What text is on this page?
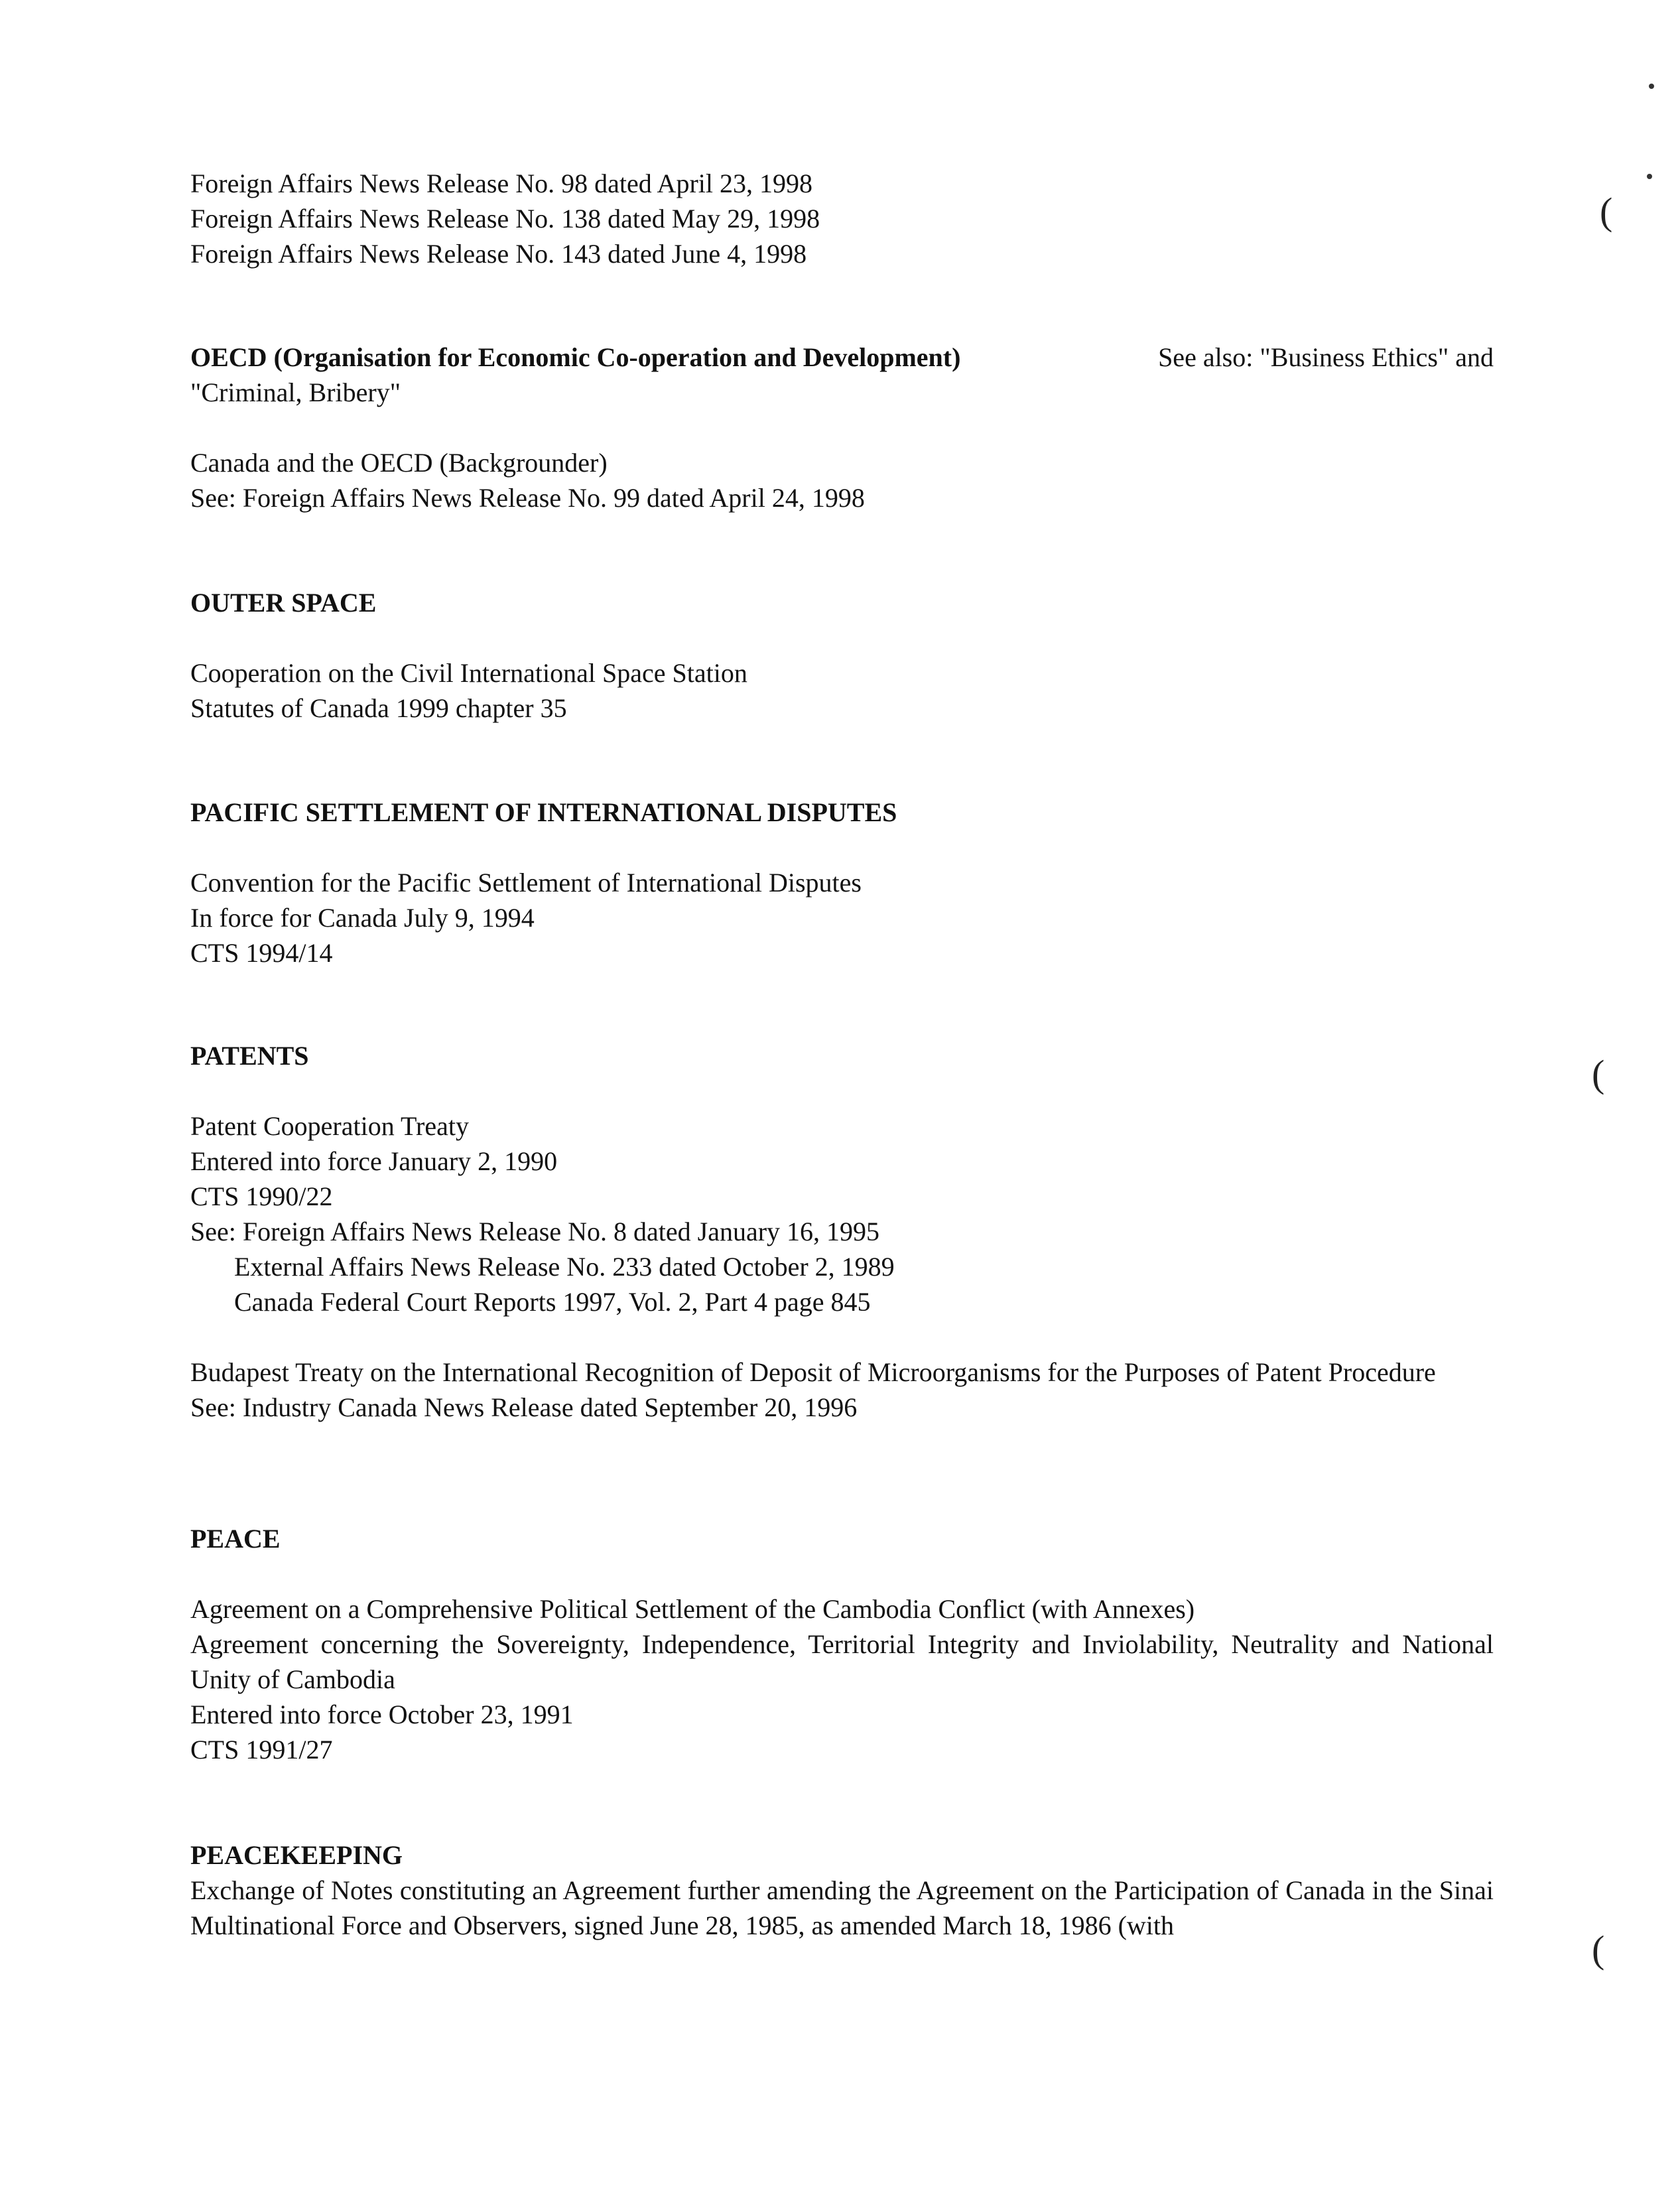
Foreign Affairs News Release No. 98 dated April 23, 1998
Foreign Affairs News Release No. 138 dated May 29, 1998
Foreign Affairs News Release No. 143 dated June 4, 1998
OECD (Organisation for Economic Co-operation and Development)	See also: "Business Ethics" and
"Criminal, Bribery"
Canada and the OECD (Backgrounder)
See: Foreign Affairs News Release No. 99 dated April 24, 1998
OUTER SPACE
Cooperation on the Civil International Space Station
Statutes of Canada 1999 chapter 35
PACIFIC SETTLEMENT OF INTERNATIONAL DISPUTES
Convention for the Pacific Settlement of International Disputes
In force for Canada July 9, 1994
CTS 1994/14
PATENTS
Patent Cooperation Treaty
Entered into force January 2, 1990
CTS 1990/22
See: Foreign Affairs News Release No. 8 dated January 16, 1995
External Affairs News Release No. 233 dated October 2, 1989
Canada Federal Court Reports 1997, Vol. 2, Part 4 page 845
Budapest Treaty on the International Recognition of Deposit of Microorganisms for the Purposes of Patent Procedure
See: Industry Canada News Release dated September 20, 1996
PEACE
Agreement on a Comprehensive Political Settlement of the Cambodia Conflict (with Annexes)
Agreement concerning the Sovereignty, Independence, Territorial Integrity and Inviolability, Neutrality and National Unity of Cambodia
Entered into force October 23, 1991
CTS 1991/27
PEACEKEEPING
Exchange of Notes constituting an Agreement further amending the Agreement on the Participation of Canada in the Sinai Multinational Force and Observers, signed June 28, 1985, as amended March 18, 1986 (with
(
(
(
